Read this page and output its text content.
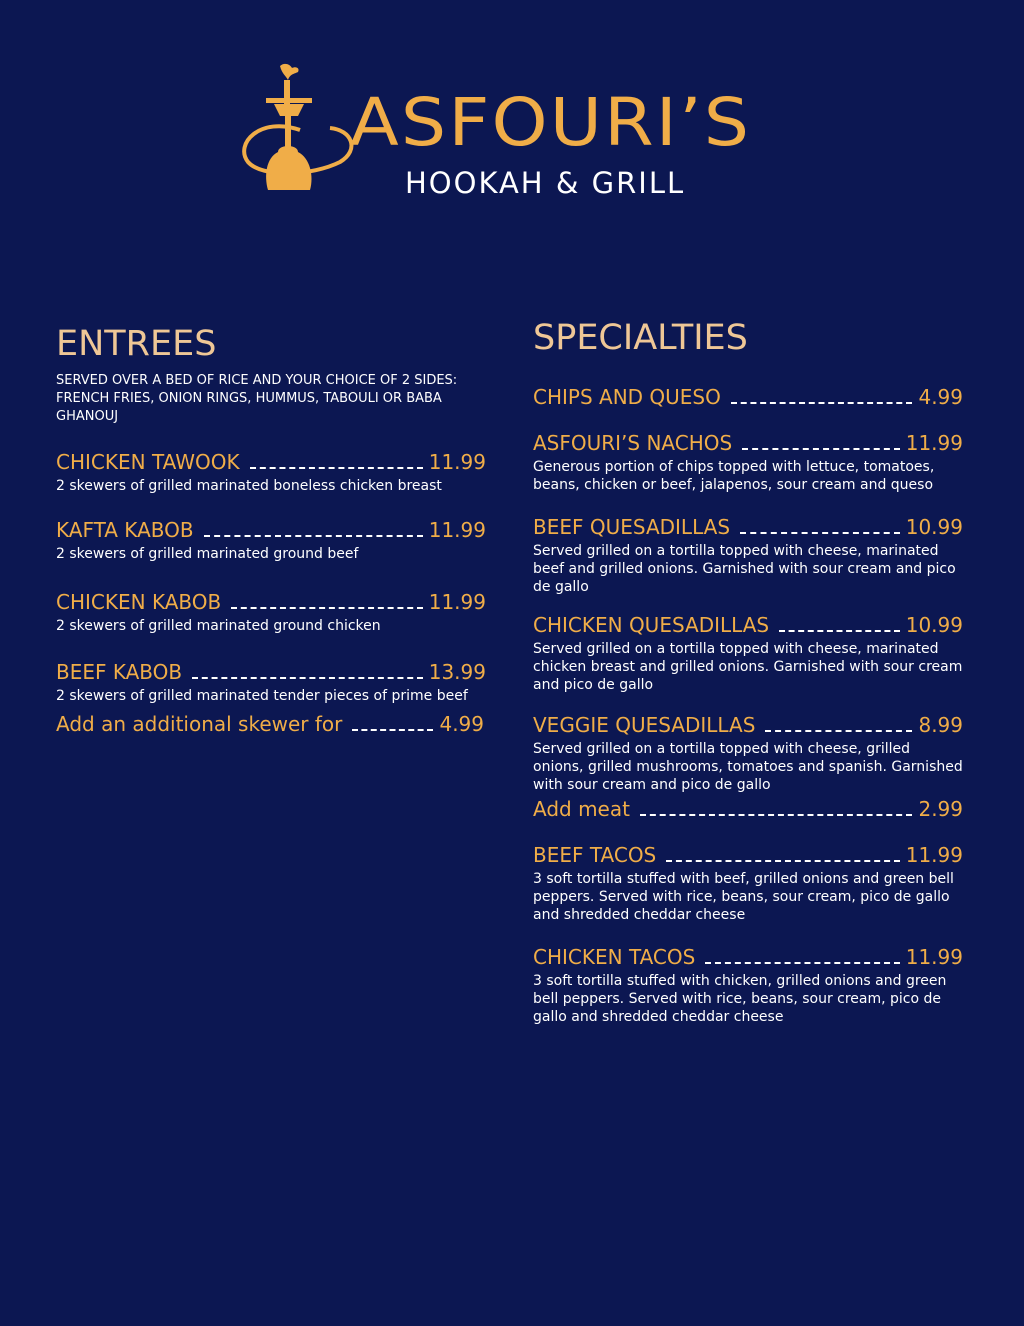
ASFOURI’S
HOOKAH & GRILL
ENTREES
SERVED OVER A BED OF RICE AND YOUR CHOICE OF 2 SIDES: FRENCH FRIES, ONION RINGS, HUMMUS, TABOULI OR BABA GHANOUJ
CHICKEN TAWOOK	11.99
2 skewers of grilled marinated boneless chicken breast
KAFTA KABOB	11.99
2 skewers of grilled marinated ground beef
CHICKEN KABOB	11.99
2 skewers of grilled marinated ground chicken
BEEF KABOB	13.99
2 skewers of grilled marinated tender pieces of prime beef
Add an additional skewer for	4.99
SPECIALTIES
CHIPS AND QUESO	4.99
ASFOURI’S NACHOS	11.99
Generous portion of chips topped with lettuce, tomatoes, beans, chicken or beef, jalapenos, sour cream and queso
BEEF QUESADILLAS	10.99
Served grilled on a tortilla topped with cheese, marinated beef and grilled onions. Garnished with sour cream and pico de gallo
CHICKEN QUESADILLAS	10.99
Served grilled on a tortilla topped with cheese, marinated chicken breast and grilled onions. Garnished with sour cream and pico de gallo
VEGGIE QUESADILLAS	8.99
Served grilled on a tortilla topped with cheese, grilled onions, grilled mushrooms, tomatoes and spanish. Garnished with sour cream and pico de gallo
Add meat	2.99
BEEF TACOS	11.99
3 soft tortilla stuffed with beef, grilled onions and green bell peppers. Served with rice, beans, sour cream, pico de gallo and shredded cheddar cheese
CHICKEN TACOS	11.99
3 soft tortilla stuffed with chicken, grilled onions and green bell peppers. Served with rice, beans, sour cream, pico de gallo and shredded cheddar cheese
